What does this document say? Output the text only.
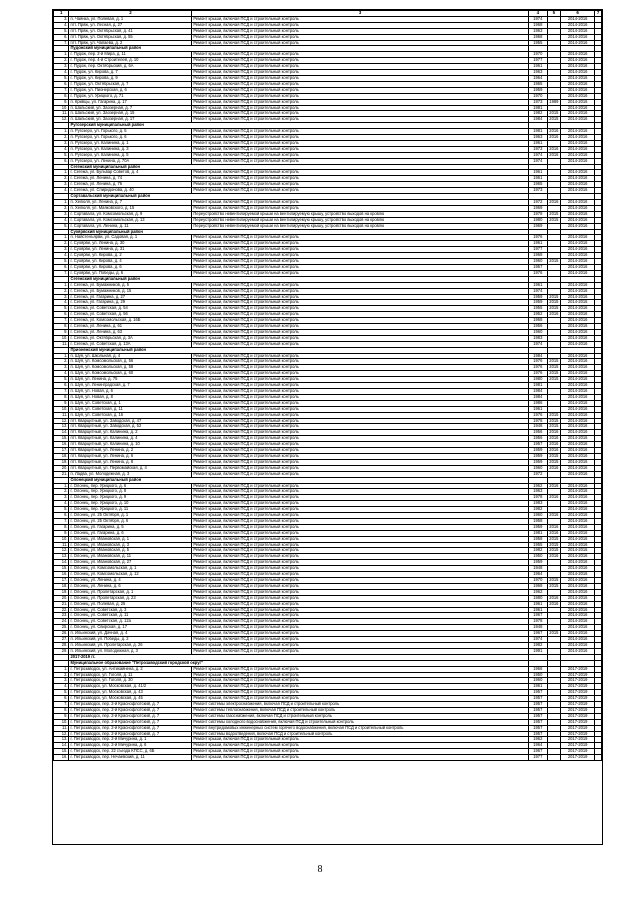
1	2	3	4	5	6	7
3.	п. Чаянка, ул. Полевая, д. 1	Ремонт крыши, включая ПСД и строительный контроль	1974		2014-2016	
4.	пгт. Пряж, ул. Лесная, д. 27	Ремонт крыши, включая ПСД и строительный контроль	1968		2014-2016	
5.	пгт. Пряж, ул. Октябрьская, д. 41	Ремонт крыши, включая ПСД и строительный контроль	1963		2014-2016	
6.	пгт. Пряж, ул. Октябрьская, д. 55	Ремонт крыши, включая ПСД и строительный контроль	1968		2014-2016	
7.	пгт. Пряж, ул. Чапаева, д. 2	Ремонт крыши, включая ПСД и строительный контроль	1955		2014-2016	
	Пудожский муниципальный район					
1.	г. Пудож, пер. 2-й Мира, д. 11	Ремонт крыши, включая ПСД и строительный контроль	1970		2014-2016	
2.	г. Пудож, пер. 4-й Строителей, д. 10	Ремонт крыши, включая ПСД и строительный контроль	1977		2014-2016	
3.	г. Пудож, пер. Октябрьский, д. 6А	Ремонт крыши, включая ПСД и строительный контроль	1961		2014-2016	
4.	г. Пудож, ул. Кирова, д. 7	Ремонт крыши, включая ПСД и строительный контроль	1963		2014-2016	
5.	г. Пудож, ул. Кирова, д. 9	Ремонт крыши, включая ПСД и строительный контроль	1964		2014-2016	
6.	г. Пудож, ул. Октябрьская, д. 7	Ремонт крыши, включая ПСД и строительный контроль	1965		2014-2016	
7.	г. Пудож, ул. Пионерская, д. 6	Ремонт крыши, включая ПСД и строительный контроль	1959		2014-2016	
8.	г. Пудож, ул. Урицкого, д. 71	Ремонт крыши, включая ПСД и строительный контроль	1970		2014-2016	
9.	п. Кривцы, ул. Гагарина, д. 17	Ремонт крыши, включая ПСД и строительный контроль	1973	1989	2014-2016	
10.	п. Шальский, ул. Заозерная, д. 7	Ремонт крыши, включая ПСД и строительный контроль	1981		2014-2016	
11.	п. Шальский, ул. Заозерная, д. 15	Ремонт крыши, включая ПСД и строительный контроль	1982	2015	2014-2016	
12.	п. Шальский, ул. Заозерная, д. 17	Ремонт крыши, включая ПСД и строительный контроль	1984	2015	2014-2016	
	Ругозерский муниципальный район					
1.	п. Ругозеро, ул. Горького, д. 5	Ремонт крыши, включая ПСД и строительный контроль	1981	2016	2014-2016	
2.	п. Ругозеро, ул. Горького, д. 6	Ремонт крыши, включая ПСД и строительный контроль	1963	2016	2014-2016	
3.	п. Ругозеро, ул. Калинина, д. 1	Ремонт крыши, включая ПСД и строительный контроль	1961		2014-2016	
4.	п. Ругозеро, ул. Калинина, д. 3	Ремонт крыши, включая ПСД и строительный контроль	1973	2016	2014-2016	
5.	п. Ругозеро, ул. Калинина, д. 5	Ремонт крыши, включая ПСД и строительный контроль	1974	2016	2014-2016	
6.	п. Ругозеро, ул. Ленина, д. 70А	Ремонт крыши, включая ПСД и строительный контроль	1974		2014-2016	
	Сегежский муниципальный район					
1.	г. Сегежа, ул. Бульвар Советов, д. 4	Ремонт крыши, включая ПСД и строительный контроль	1961		2014-2016	
2.	г. Сегежа, ул. Ленина, д. 74	Ремонт крыши, включая ПСД и строительный контроль	1961		2014-2016	
3.	г. Сегежа, ул. Ленина, д. 76	Ремонт крыши, включая ПСД и строительный контроль	1965		2014-2016	
4.	г. Сегежа, ул. Спиридонова, д. 40	Ремонт крыши, включая ПСД и строительный контроль	1973		2014-2016	
	Сортавальский муниципальный район					
1.	п. Хелюля, ул. Ленина, д. 7	Ремонт крыши, включая ПСД и строительный контроль	1972	2016	2014-2016	
2.	п. Хелюля, ул. Маяковского, д. 15	Ремонт крыши, включая ПСД и строительный контроль	1969		2014-2016	
3.	г. Сортавала, ул. Комсомольская, д. 9	Переустройство невентилируемой крыши на вентилируемую крышу, устройство выходов на кровлю	1978	2015	2014-2016	
4.	г. Сортавала, ул. Комсомольская, д. 13	Переустройство невентилируемой крыши на вентилируемую крышу, устройство выходов на кровлю	1980	2015	2014-2016	
5.	г. Сортавала, ул. Ленина, д. 11	Переустройство невентилируемой крыши на вентилируемую крышу, устройство выходов на кровлю	1969		2014-2016	
	Суоярвский муниципальный район					
1.	п. Найстенъярви, ул. Садовая, д. 1	Ремонт крыши, включая ПСД и строительный контроль	1976		2014-2016	
2.	г. Суоярви, ул. Ленина, д. 30	Ремонт крыши, включая ПСД и строительный контроль	1961		2014-2016	
3.	г. Суоярви, ул. Ленина, д. 31	Ремонт крыши, включая ПСД и строительный контроль	1977		2014-2016	
4.	г. Суоярви, ул. Кирова, д. 2	Ремонт крыши, включая ПСД и строительный контроль	1968		2014-2016	
5.	г. Суоярви, ул. Кирова, д. 4	Ремонт крыши, включая ПСД и строительный контроль	1960	2015	2014-2016	
6.	г. Суоярви, ул. Кирова, д. 6	Ремонт крыши, включая ПСД и строительный контроль	1957		2014-2016	
7.	г. Суоярви, ул. Победы, д. 6	Ремонт крыши, включая ПСД и строительный контроль	1976		2014-2016	
	Сегежский муниципальный район					
1.	г. Сегежа, ул. Бумажников, д. 5	Ремонт крыши, включая ПСД и строительный контроль	1961		2014-2016	
2.	г. Сегежа, ул. Бумажников, д. 15	Ремонт крыши, включая ПСД и строительный контроль	1974		2014-2016	
3.	г. Сегежа, ул. Гагарина, д. 27	Ремонт крыши, включая ПСД и строительный контроль	1959	2015	2014-2016	
4.	г. Сегежа, ул. Гагарина, д. 29	Ремонт крыши, включая ПСД и строительный контроль	1959	2015	2014-2016	
5.	г. Сегежа, ул. Советская, д. 54	Ремонт крыши, включая ПСД и строительный контроль	1955	2015	2014-2016	
6.	г. Сегежа, ул. Советская, д. 56	Ремонт крыши, включая ПСД и строительный контроль	1952	2016	2014-2016	
7.	г. Сегежа, ул. Комсомольская, д. 16Б	Ремонт крыши, включая ПСД и строительный контроль	1968		2014-2016	
8.	г. Сегежа, ул. Ленина, д. 61	Ремонт крыши, включая ПСД и строительный контроль	1956		2014-2016	
9.	г. Сегежа, ул. Ленина, д. 63	Ремонт крыши, включая ПСД и строительный контроль	1960		2014-2016	
10.	г. Сегежа, ул. Октябрьская, д. 3А	Ремонт крыши, включая ПСД и строительный контроль	1983		2014-2016	
11.	г. Сегежа, ул. Советская, д. 13А	Ремонт крыши, включая ПСД и строительный контроль	1974		2014-2016	
	Прионежский муниципальный район					
1.	п. Шуя, ул. Школьная, д. 4	Ремонт крыши, включая ПСД и строительный контроль	1984		2014-2016	
2.	п. Шуя, ул. Комсомольская, д. 56	Ремонт крыши, включая ПСД и строительный контроль	1976	2015	2014-2016	
3.	п. Шуя, ул. Комсомольская, д. 58	Ремонт крыши, включая ПСД и строительный контроль	1976	2015	2014-2016	
4.	п. Шуя, ул. Комсомольская, д. 60	Ремонт крыши, включая ПСД и строительный контроль	1976	2015	2014-2016	
5.	п. Шуя, ул. Ленина, д. 75	Ремонт крыши, включая ПСД и строительный контроль	1980	2015	2014-2016	
6.	п. Шуя, ул. Ленинградская, д. 7	Ремонт крыши, включая ПСД и строительный контроль	1981		2014-2016	
7.	п. Шуя, ул. Новая, д. 6	Ремонт крыши, включая ПСД и строительный контроль	1984		2014-2016	
8.	п. Шуя, ул. Новая, д. 8	Ремонт крыши, включая ПСД и строительный контроль	1984		2014-2016	
9.	п. Шуя, ул. Советская, д. 1	Ремонт крыши, включая ПСД и строительный контроль	1986		2014-2016	
10.	п. Шуя, ул. Советская, д. 11	Ремонт крыши, включая ПСД и строительный контроль	1961		2014-2016	
11.	п. Шуя, ул. Советская, д. 16	Ремонт крыши, включая ПСД и строительный контроль	1976	2015	2014-2016	
12.	пгт. Кварцитный, ул. Заводская, д. 47	Ремонт крыши, включая ПСД и строительный контроль	1978	2015	2014-2016	
13.	пгт. Кварцитный, ул. Заводская, д. 52	Ремонт крыши, включая ПСД и строительный контроль	1948	2015	2014-2016	
14.	пгт. Кварцитный, ул. Калинина, д. 2	Ремонт крыши, включая ПСД и строительный контроль	1956	2016	2014-2016	
15.	пгт. Кварцитный, ул. Калинина, д. 4	Ремонт крыши, включая ПСД и строительный контроль	1956	2016	2014-2016	
16.	пгт. Кварцитный, ул. Калинина, д. 10	Ремонт крыши, включая ПСД и строительный контроль	1957	2016	2014-2016	
17.	пгт. Кварцитный, ул. Ленина, д. 2	Ремонт крыши, включая ПСД и строительный контроль	1959	2016	2014-2016	
18.	пгт. Кварцитный, ул. Ленина, д. 6	Ремонт крыши, включая ПСД и строительный контроль	1959	2015	2014-2016	
19.	пгт. Кварцитный, ул. Ленина, д. 8	Ремонт крыши, включая ПСД и строительный контроль	1959	2015	2014-2016	
20.	пгт. Кварцитный, ул. Первомайская, д. 4	Ремонт крыши, включая ПСД и строительный контроль	1960	2016	2014-2016	
21.	п. Ладва, ул. Молодежная, д. 3	Ремонт крыши, включая ПСД и строительный контроль	1972		2014-2016	
	Олонецкий муниципальный район					
1.	г. Олонец, пер. Урицкого, д. 6	Ремонт крыши, включая ПСД и строительный контроль	1962	2016	2014-2016	
2.	г. Олонец, пер. Урицкого, д. 8	Ремонт крыши, включая ПСД и строительный контроль	1963		2014-2016	
3.	г. Олонец, пер. Урицкого, д. 9	Ремонт крыши, включая ПСД и строительный контроль	1978	2016	2014-2016	
4.	г. Олонец, пер. Урицкого, д. 10	Ремонт крыши, включая ПСД и строительный контроль	1983		2014-2016	
5.	г. Олонец, пер. Урицкого, д. 11	Ремонт крыши, включая ПСД и строительный контроль	1982		2014-2016	
6.	г. Олонец, ул. 25 Октября, д. 1	Ремонт крыши, включая ПСД и строительный контроль	1960	2016	2014-2016	
7.	г. Олонец, ул. 25 Октября, д. 6	Ремонт крыши, включая ПСД и строительный контроль	1958		2014-2016	
8.	г. Олонец, ул. Гагарина, д. 5	Ремонт крыши, включая ПСД и строительный контроль	1959	2016	2014-2016	
9.	г. Олонец, ул. Гагарина, д. 6	Ремонт крыши, включая ПСД и строительный контроль	1981	2016	2014-2016	
10.	г. Олонец, ул. Ивановская, д. 1	Ремонт крыши, включая ПСД и строительный контроль	1958	2015	2014-2016	
11.	г. Олонец, ул. Ивановская, д. 3	Ремонт крыши, включая ПСД и строительный контроль	1955	2015	2014-2016	
12.	г. Олонец, ул. Ивановская, д. 5	Ремонт крыши, включая ПСД и строительный контроль	1982	2015	2014-2016	
13.	г. Олонец, ул. Ивановская, д. 11	Ремонт крыши, включая ПСД и строительный контроль	1950	2016	2014-2016	
14.	г. Олонец, ул. Ивановская, д. 27	Ремонт крыши, включая ПСД и строительный контроль	1959		2014-2016	
15.	г. Олонец, ул. Комсомольская, д. 1	Ремонт крыши, включая ПСД и строительный контроль	1948		2014-2016	
16.	г. Олонец, ул. Комсомольская, д. 12	Ремонт крыши, включая ПСД и строительный контроль	1964		2014-2016	
17.	г. Олонец, ул. Ленина, д. 4	Ремонт крыши, включая ПСД и строительный контроль	1970	2015	2014-2016	
18.	г. Олонец, ул. Ленина, д. 6	Ремонт крыши, включая ПСД и строительный контроль	1968	2015	2014-2016	
19.	г. Олонец, ул. Пролетарская, д. 1	Ремонт крыши, включая ПСД и строительный контроль	1962		2014-2016	
20.	г. Олонец, ул. Пролетарская, д. 23	Ремонт крыши, включая ПСД и строительный контроль	1980	2016	2014-2016	
21.	г. Олонец, ул. Полевая, д. 25	Ремонт крыши, включая ПСД и строительный контроль	1961	2016	2014-2016	
22.	г. Олонец, ул. Советская, д. 3	Ремонт крыши, включая ПСД и строительный контроль	1961		2014-2016	
23.	г. Олонец, ул. Советская, д. 11	Ремонт крыши, включая ПСД и строительный контроль	1967		2014-2016	
24.	г. Олонец, ул. Советская, д. 12а	Ремонт крыши, включая ПСД и строительный контроль	1978		2014-2016	
25.	г. Олонец, ул. Свирская, д. 17	Ремонт крыши, включая ПСД и строительный контроль	1948		2014-2016	
26.	п. Ильинский, ул. Дачная, д. 4	Ремонт крыши, включая ПСД и строительный контроль	1967	2015	2014-2016	
27.	п. Ильинский, ул. Победы, д. 2	Ремонт крыши, включая ПСД и строительный контроль	1974		2014-2016	
28.	п. Ильинский, ул. Пролетарская, д. 26	Ремонт крыши, включая ПСД и строительный контроль	1982		2014-2016	
29.	п. Ильинский, ул. Молодежная, д. 3	Ремонт крыши, включая ПСД и строительный контроль	1991		2014-2016	
	2017-2019 гг.					
	Муниципальное образование "Петрозаводский городской округ"					
1.	г. Петрозаводск, ул. Антикайнена, д. 2	Ремонт крыши, включая ПСД и строительный контроль	1966		2017-2019	
2.	г. Петрозаводск, ул. Гоголя, д. 11	Ремонт крыши, включая ПСД и строительный контроль	1950		2017-2019	
3.	г. Петрозаводск, ул. Гоголя, д. 30	Ремонт крыши, включая ПСД и строительный контроль	1960		2017-2019	
4.	г. Петрозаводск, ул. Московская, д. 41/2	Ремонт крыши, включая ПСД и строительный контроль	1961		2017-2019	
5.	г. Петрозаводск, ул. Московская, д. 43	Ремонт крыши, включая ПСД и строительный контроль	1957		2017-2019	
6.	г. Петрозаводск, ул. Московская, д. 45	Ремонт крыши, включая ПСД и строительный контроль	1957		2017-2019	
7.	г. Петрозаводск, пер. 2-й Краснофлотский, д. 7	Ремонт системы электроснабжения, включая ПСД и строительный контроль	1957		2017-2019	
8.	г. Петрозаводск, пер. 2-й Краснофлотский, д. 7	Ремонт системы теплоснабжения, включая ПСД и строительный контроль	1957		2017-2019	
9.	г. Петрозаводск, пер. 2-й Краснофлотский, д. 7	Ремонт системы газоснабжения, включая ПСД и строительный контроль	1957		2017-2019	
10.	г. Петрозаводск, пер. 2-й Краснофлотский, д. 7	Ремонт системы холодного водоснабжения, включая ПСД и строительный контроль	1957		2017-2019	
11.	г. Петрозаводск, пер. 2-й Краснофлотский, д. 7	Ремонт внутридомовых инженерных систем горячего водоснабжения, включая ПСД и строительный контроль	1957		2017-2019	
12.	г. Петрозаводск, пер. 2-й Краснофлотский, д. 7	Ремонт системы водоотведения, включая ПСД и строительный контроль	1957		2017-2019	
13.	г. Петрозаводск, пер. 2-й Мичурина, д. 1	Ремонт крыши, включая ПСД и строительный контроль	1962		2017-2019	
14.	г. Петрозаводск, пер. 2-й Мичурина, д. 6	Ремонт крыши, включая ПСД и строительный контроль	1964		2017-2019	
15.	г. Петрозаводск, пер. 22 съезда КПСС, д. 6Б	Ремонт крыши, включая ПСД и строительный контроль	1967		2017-2019	
16.	г. Петрозаводск, пер. Нечаевский, д. 11	Ремонт крыши, включая ПСД и строительный контроль	1977		2017-2019	
8
